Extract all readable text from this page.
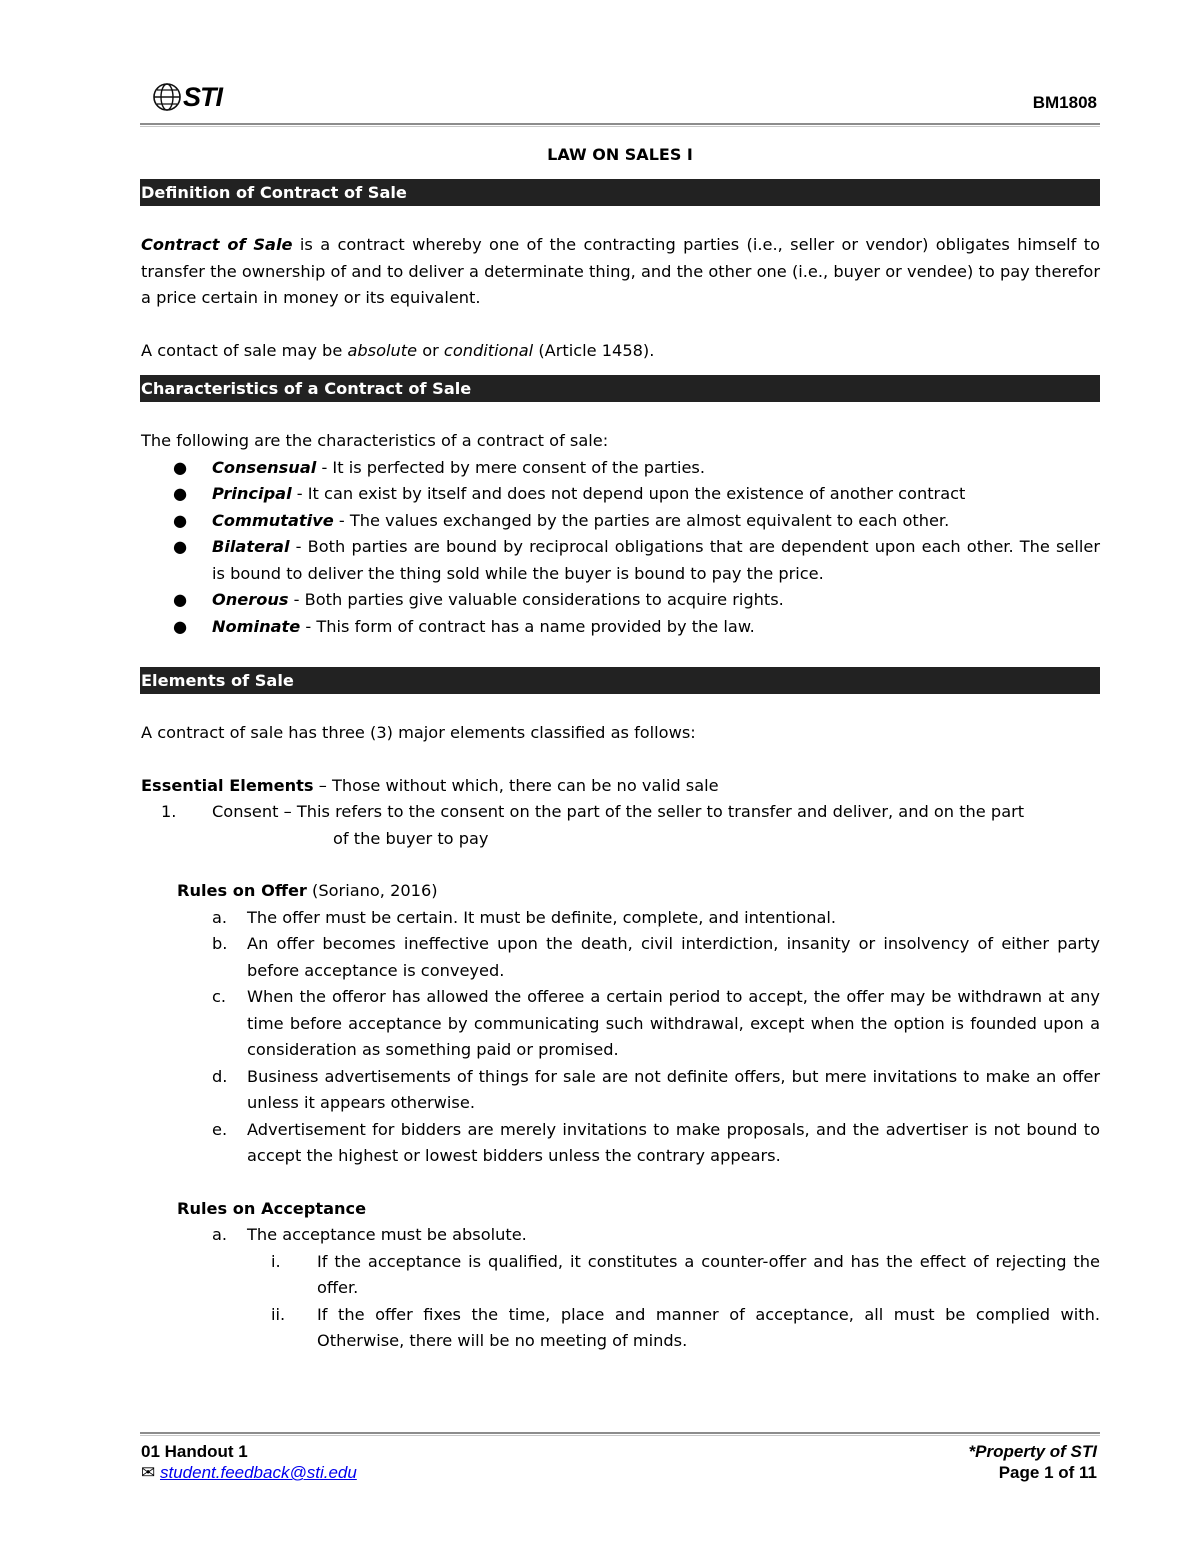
STI	BM1808
LAW ON SALES I
Definition of Contract of Sale

Contract of Sale is a contract whereby one of the contracting parties (i.e., seller or vendor) obligates himself to transfer the ownership of and to deliver a determinate thing, and the other one (i.e., buyer or vendee) to pay therefor a price certain in money or its equivalent.

A contact of sale may be absolute or conditional (Article 1458).

Characteristics of a Contract of Sale

The following are the characteristics of a contract of sale:

● Consensual - It is perfected by mere consent of the parties.
● Principal - It can exist by itself and does not depend upon the existence of another contract
● Commutative - The values exchanged by the parties are almost equivalent to each other.
● Bilateral - Both parties are bound by reciprocal obligations that are dependent upon each other. The seller is bound to deliver the thing sold while the buyer is bound to pay the price.
● Onerous - Both parties give valuable considerations to acquire rights.
● Nominate - This form of contract has a name provided by the law.
Elements of Sale

A contract of sale has three (3) major elements classified as follows:

Essential Elements – Those without which, there can be no valid sale

1. Consent – This refers to the consent on the part of the seller to transfer and deliver, and on the part

of the buyer to pay

Rules on Offer (Soriano, 2016)

a. The offer must be certain. It must be definite, complete, and intentional.
b. An offer becomes ineffective upon the death, civil interdiction, insanity or insolvency of either party before acceptance is conveyed.
c. When the offeror has allowed the offeree a certain period to accept, the offer may be withdrawn at any time before acceptance by communicating such withdrawal, except when the option is founded upon a consideration as something paid or promised.
d. Business advertisements of things for sale are not definite offers, but mere invitations to make an offer unless it appears otherwise.
e. Advertisement for bidders are merely invitations to make proposals, and the advertiser is not bound to accept the highest or lowest bidders unless the contrary appears.

Rules on Acceptance

a. The acceptance must be absolute.
i. If the acceptance is qualified, it constitutes a counter-offer and has the effect of rejecting the offer.
ii. If the offer fixes the time, place and manner of acceptance, all must be complied with. Otherwise, there will be no meeting of minds.
01 Handout 1
✉ student.feedback@sti.edu
*Property of STI
Page 1 of 11
